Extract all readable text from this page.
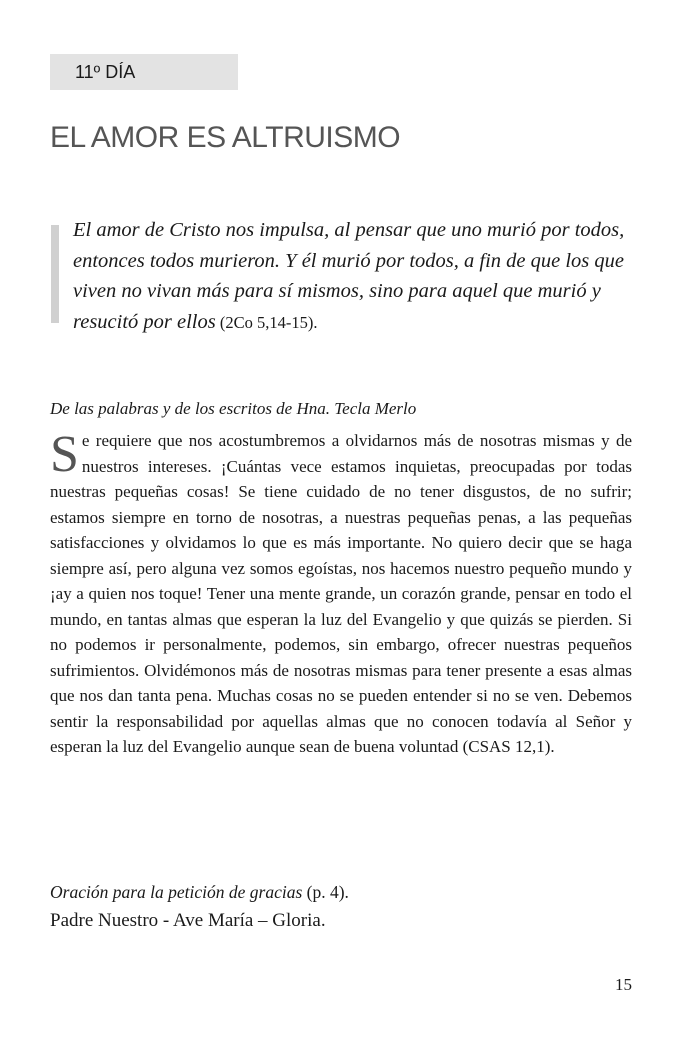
11º DÍA
EL AMOR ES ALTRUISMO

El amor de Cristo nos impulsa, al pensar que uno murió por todos, entonces todos murieron. Y él murió por todos, a fin de que los que viven no vivan más para sí mismos, sino para aquel que murió y resucitó por ellos (2Co 5,14-15).

De las palabras y de los escritos de Hna. Tecla Merlo

Se requiere que nos acostumbremos a olvidarnos más de nosotras mismas y de nuestros intereses. ¡Cuántas vece estamos inquietas, preocupadas por todas nuestras pequeñas cosas! Se tiene cuidado de no tener disgustos, de no sufrir; estamos siempre en torno de nosotras, a nuestras pequeñas penas, a las pequeñas satisfacciones y olvidamos lo que es más importante. No quiero decir que se haga siempre así, pero alguna vez somos egoístas, nos hacemos nuestro pequeño mundo y ¡ay a quien nos toque! Tener una mente grande, un corazón grande, pensar en todo el mundo, en tantas almas que esperan la luz del Evangelio y que quizás se pierden. Si no podemos ir personalmente, podemos, sin embargo, ofrecer nuestras pequeños sufrimientos. Olvidémonos más de nosotras mismas para tener presente a esas almas que nos dan tanta pena. Muchas cosas no se pueden entender si no se ven. Debemos sentir la responsabilidad por aquellas almas que no conocen todavía al Señor y esperan la luz del Evangelio aunque sean de buena voluntad (CSAS 12,1).

Oración para la petición de gracias (p. 4).

Padre Nuestro - Ave María – Gloria.

15
